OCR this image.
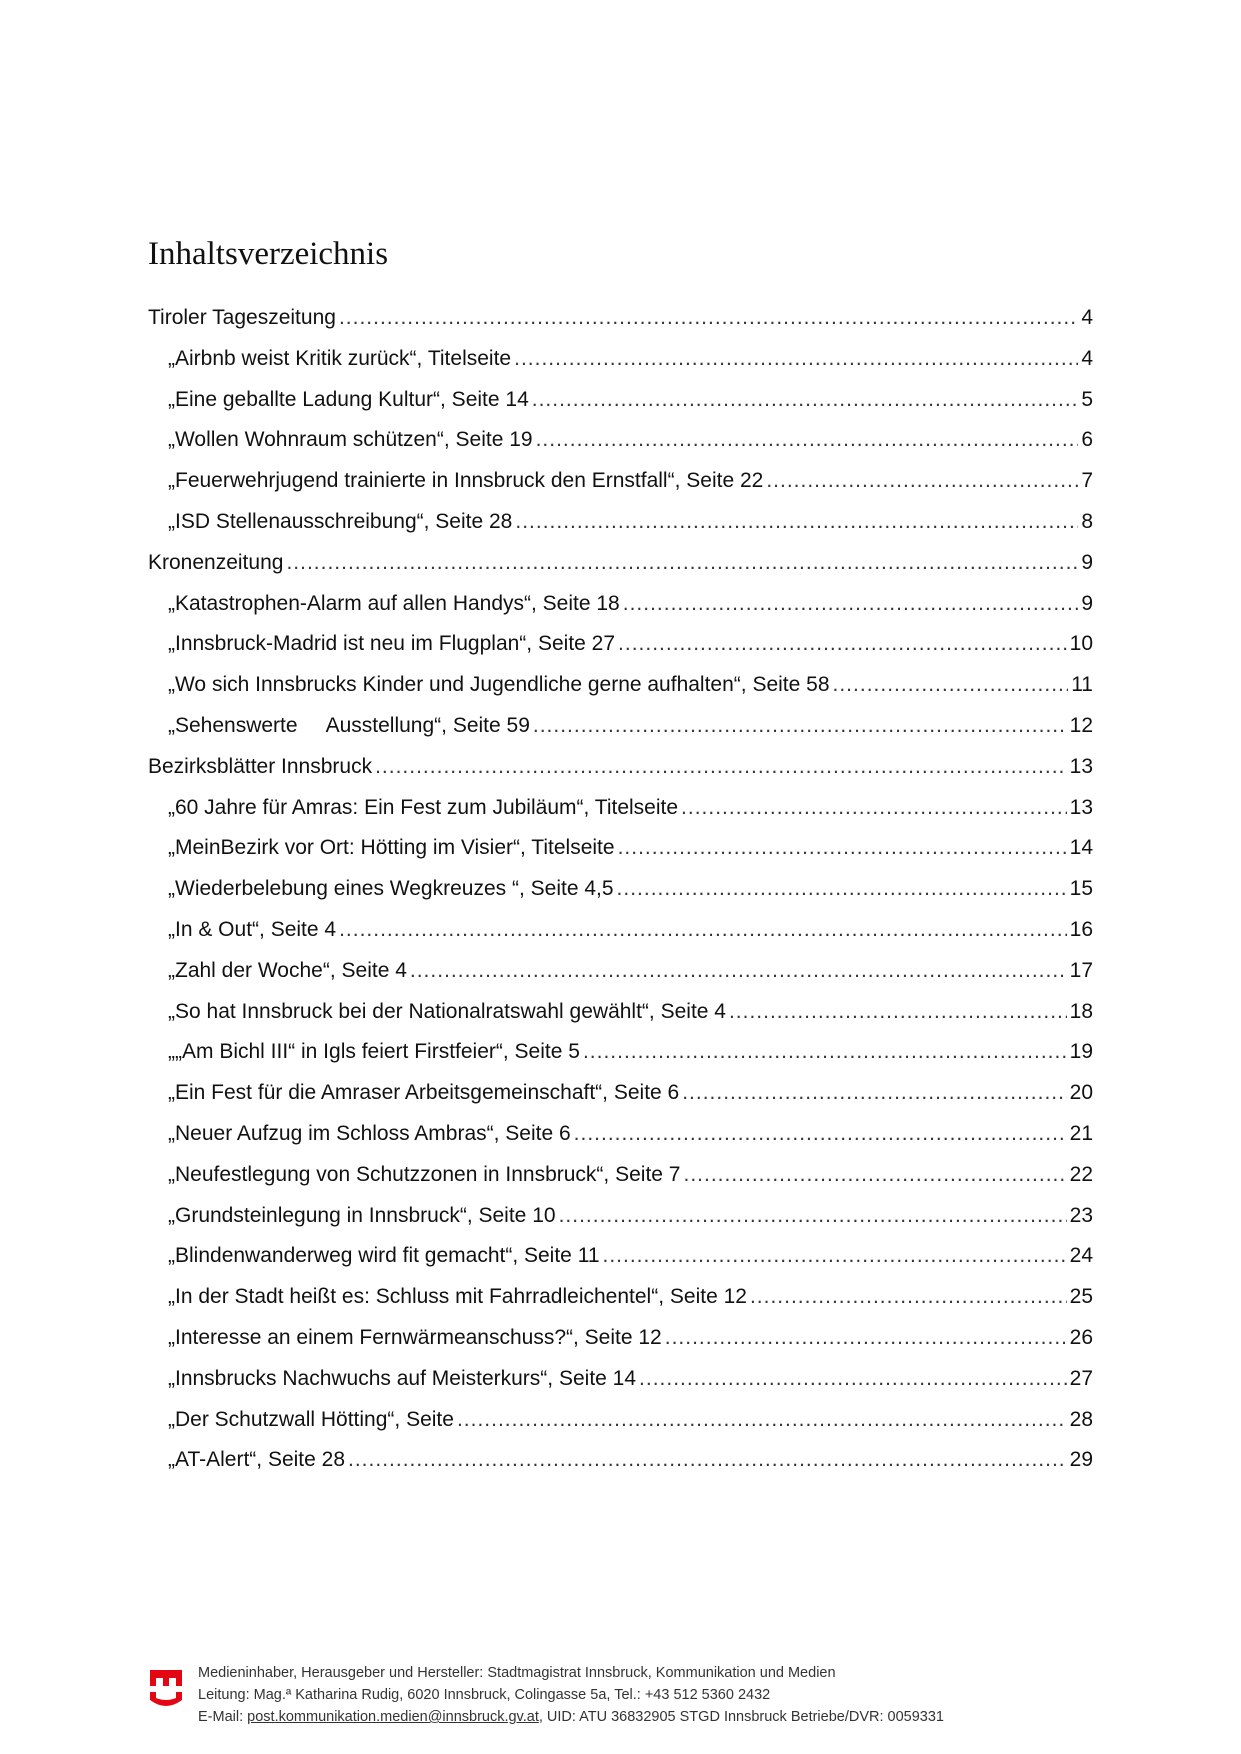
Inhaltsverzeichnis
Tiroler Tageszeitung .....	4
„Airbnb weist Kritik zurück“, Titelseite .....	4
„Eine geballte Ladung Kultur“, Seite 14 .....	5
„Wollen Wohnraum schützen“, Seite 19 .....	6
„Feuerwehrjugend trainierte in Innsbruck den Ernstfall“, Seite 22 .....	7
„ISD Stellenausschreibung“, Seite 28 .....	8
Kronenzeitung .....	9
„Katastrophen-Alarm auf allen Handys“, Seite 18 .....	9
„Innsbruck-Madrid ist neu im Flugplan“, Seite 27 .....	10
„Wo sich Innsbrucks Kinder und Jugendliche gerne aufhalten“, Seite 58 .....	11
„Sehenswerte     Ausstellung“, Seite 59 .....	12
Bezirksblätter Innsbruck .....	13
„60 Jahre für Amras: Ein Fest zum Jubiläum“, Titelseite .....	13
„MeinBezirk vor Ort: Hötting im Visier“, Titelseite .....	14
„Wiederbelebung eines Wegkreuzes “, Seite 4,5 .....	15
„In & Out“, Seite 4 .....	16
„Zahl der Woche“, Seite 4 .....	17
„So hat Innsbruck bei der Nationalratswahl gewählt“, Seite 4 .....	18
„„Am Bichl III“ in Igls feiert Firstfeier“, Seite 5 .....	19
„Ein Fest für die Amraser Arbeitsgemeinschaft“, Seite 6 .....	20
„Neuer Aufzug im Schloss Ambras“, Seite 6 .....	21
„Neufestlegung von Schutzzonen in Innsbruck“, Seite 7 .....	22
„Grundsteinlegung in Innsbruck“, Seite 10 .....	23
„Blindenwanderweg wird fit gemacht“, Seite 11 .....	24
„In der Stadt heißt es: Schluss mit Fahrradleichentel“, Seite 12 .....	25
„Interesse an einem Fernwärmeanschuss?“, Seite 12 .....	26
„Innsbrucks Nachwuchs auf Meisterkurs“, Seite 14 .....	27
„Der Schutzwall Hötting“, Seite .....	28
„AT-Alert“, Seite 28 .....	29
Medieninhaber, Herausgeber und Hersteller: Stadtmagistrat Innsbruck, Kommunikation und Medien
Leitung: Mag.ª Katharina Rudig, 6020 Innsbruck, Colingasse 5a, Tel.: +43 512 5360 2432
E-Mail: post.kommunikation.medien@innsbruck.gv.at, UID: ATU 36832905 STGD Innsbruck Betriebe/DVR: 0059331
